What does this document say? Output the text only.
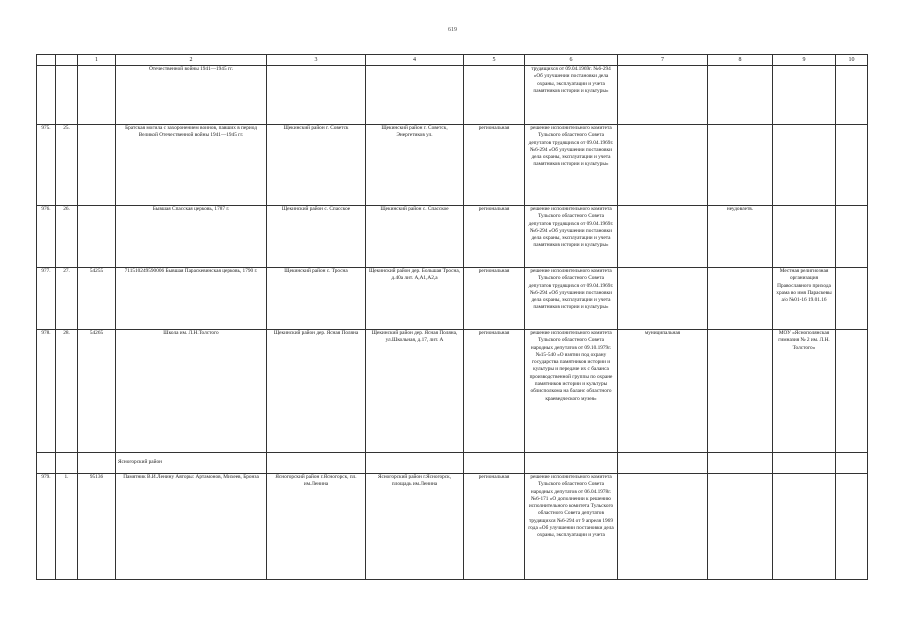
619
		1	2	3	4	5	6	7	8	9	10
			Отечественной войны 1941—1945 гг.				трудящихся от 09.04.1969г. №6-294 «Об улучшении постановки дела охраны, эксплуатации и учета памятников истории и культуры»				
975.	25.		Братская могила с захоронением воинов, павших в период Великой Отечественной войны 1941—1945 гг.	Щекинский район г. Советск	Щекинский район г. Советск, Энергетиков ул.	региональная	решение исполнительного комитета Тульского областного Совета депутатов трудящихся от 09.04.1969г. №6-294 «Об улучшении постановки дела охраны, эксплуатации и учета памятников истории и культуры»				
976.	26.		Бывшая Спасская церковь, 1787 г.	Щекинский район с. Спасское	Щекинский район с. Спасское	региональная	решение исполнительного комитета Тульского областного Совета депутатов трудящихся от 09.04.1969г. №6-294 «Об улучшении постановки дела охраны, эксплуатации и учета памятников истории и культуры»		неудовлетв.		
977.	27.	54255	711510249590006 Бывшая Параскевинская церковь, 1790 г.	Щекинский район с. Тросна	Щекинский район дер. Большая Тросна, д.40а лит. А,А1,А2,а	региональная	решение исполнительного комитета Тульского областного Совета депутатов трудящихся от 09.04.1969г. №6-294 «Об улучшении постановки дела охраны, эксплуатации и учета памятников истории и культуры»			Местная религиозная организация Православного прихода храма во имя Параскевы а/о №01-16 19.01.16	
978.	28.	54265	Школа им. Л.Н.Толстого	Щекинский район дер. Ясная Поляна	Щекинский район дер. Ясная Поляна, ул.Школьная, д.17, лит. А	региональная	решение исполнительного комитета Тульского областного Совета народных депутатов от 09.10.1979г. №15-540 «О взятии под охрану государства памятников истории и культуры и передаче их с баланса производственной группы по охране памятников истории и культуры облисполкома на баланс областного краеведческого музея»	муниципальная		МОУ «Яснополянская гимназия № 2 им. Л.Н. Толстого»	
			Ясногорский район								
979.	1.	95136	Памятник В.И.Ленину Авторы: Артамонов, Михеев, Бронза	Ясногорский район г.Ясногорск, пл. им.Ленина	Ясногорский район г.Ясногорск, площадь им.Ленина	региональная	решение исполнительного комитета Тульского областного Совета народных депутатов от 06.04.1978г. №6-171 «О дополнении к решению исполнительного комитета Тульского областного Совета депутатов трудящихся №6-294 от 9 апреля 1969 года «Об улучшении постановки дела охраны, эксплуатации и учета				
